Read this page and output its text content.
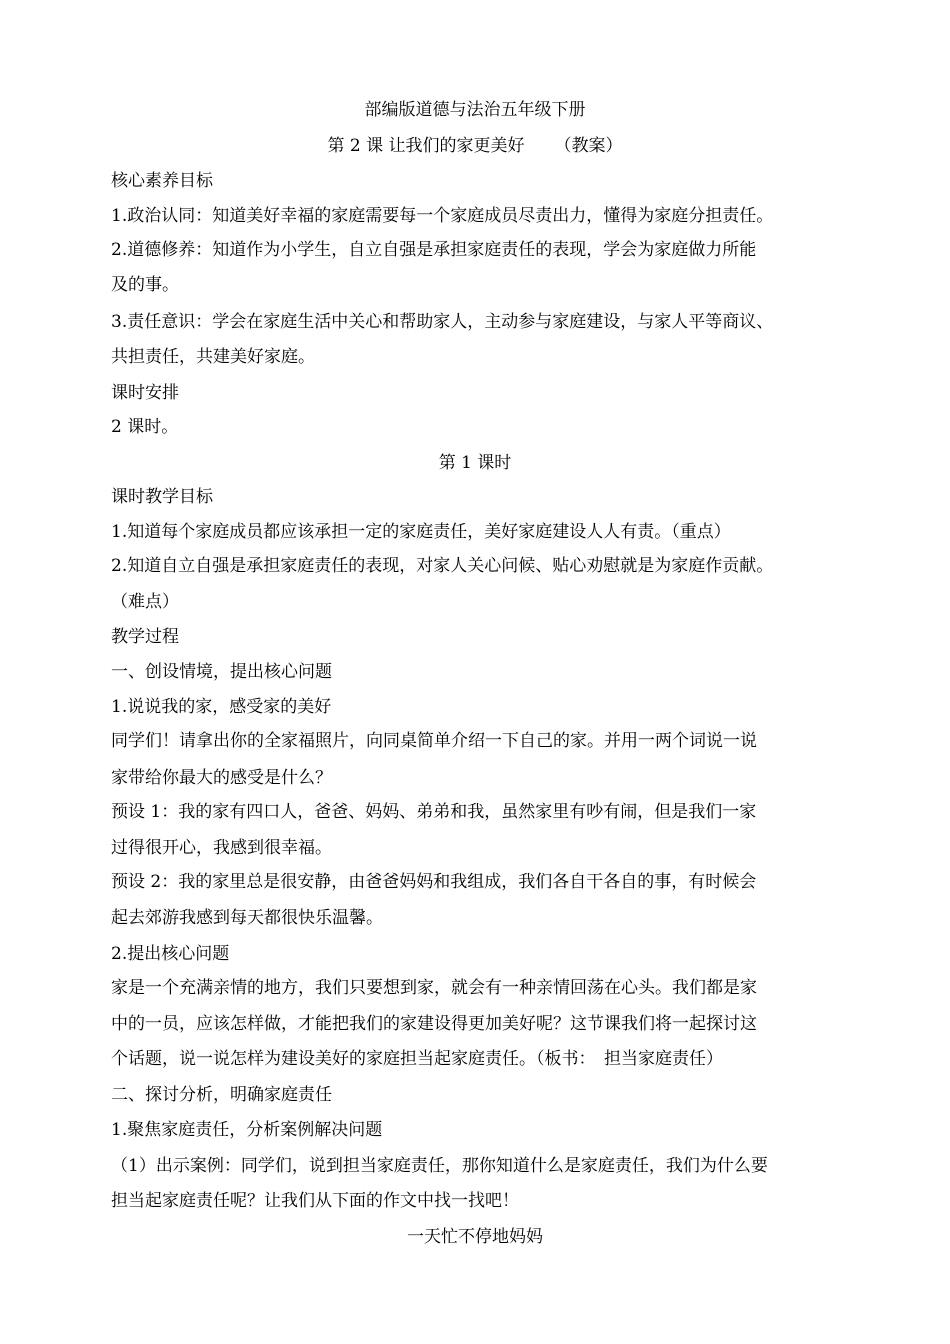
部编版道德与法治五年级下册
第 2 课 让我们的家更美好 （教案）
核心素养目标
1.政治认同：知道美好幸福的家庭需要每一个家庭成员尽责出力，懂得为家庭分担责任。
2.道德修养：知道作为小学生，自立自强是承担家庭责任的表现，学会为家庭做力所能
及的事。
3.责任意识：学会在家庭生活中关心和帮助家人，主动参与家庭建设，与家人平等商议、
共担责任，共建美好家庭。
课时安排
2 课时。
第 1 课时
课时教学目标
1.知道每个家庭成员都应该承担一定的家庭责任，美好家庭建设人人有责。（重点）
2.知道自立自强是承担家庭责任的表现，对家人关心问候、贴心劝慰就是为家庭作贡献。
（难点）
教学过程
一、创设情境，提出核心问题
1.说说我的家，感受家的美好
同学们！请拿出你的全家福照片，向同桌简单介绍一下自己的家。并用一两个词说一说
家带给你最大的感受是什么？
预设 1：我的家有四口人，爸爸、妈妈、弟弟和我，虽然家里有吵有闹，但是我们一家
过得很开心，我感到很幸福。
预设 2：我的家里总是很安静，由爸爸妈妈和我组成，我们各自干各自的事，有时候会
起去郊游我感到每天都很快乐温馨。
2.提出核心问题
家是一个充满亲情的地方，我们只要想到家，就会有一种亲情回荡在心头。我们都是家
中的一员，应该怎样做，才能把我们的家建设得更加美好呢？这节课我们将一起探讨这
个话题，说一说怎样为建设美好的家庭担当起家庭责任。（板书：　担当家庭责任）
二、探讨分析，明确家庭责任
1.聚焦家庭责任，分析案例解决问题
（1）出示案例：同学们，说到担当家庭责任，那你知道什么是家庭责任，我们为什么要
担当起家庭责任呢？让我们从下面的作文中找一找吧！
一天忙不停地妈妈
